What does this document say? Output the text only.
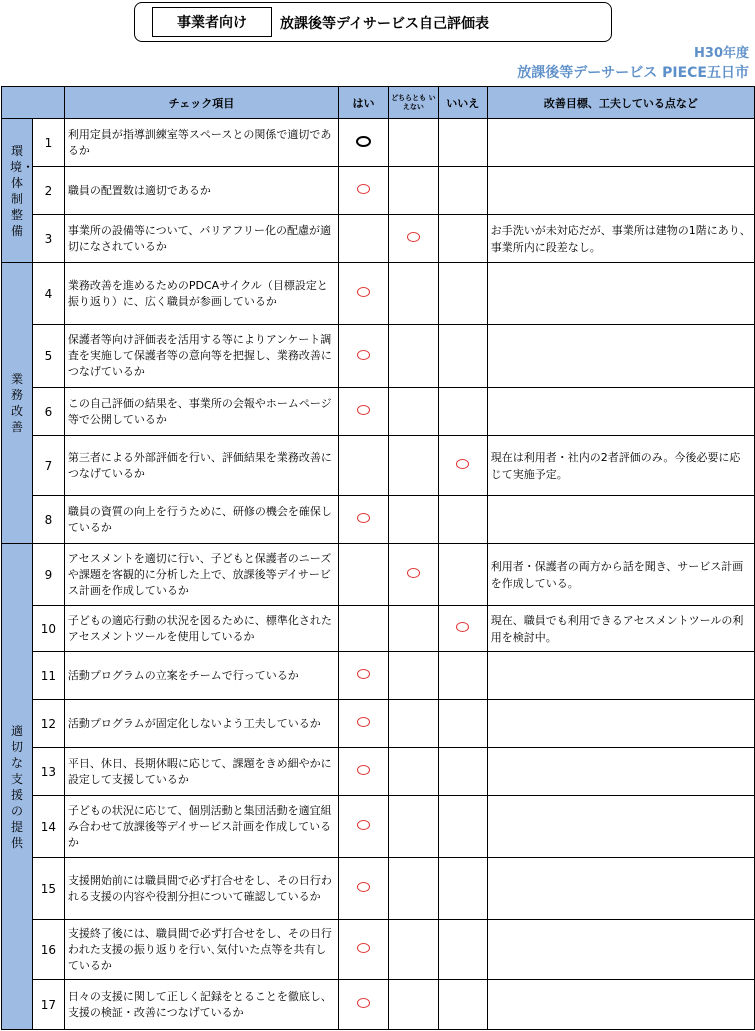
事業者向け	放課後等デイサービス自己評価表
H30年度
放課後等デーサービス PIECE五日市
		チェック項目	はい	どちらとも いえない	いいえ	改善目標、工夫している点など
環境・体制整備	1	利用定員が指導訓練室等スペースとの関係で適切であるか				
	2	職員の配置数は適切であるか				
	3	事業所の設備等について、バリアフリー化の配慮が適切になされているか				お手洗いが未対応だが、事業所は建物の1階にあり、事業所内に段差なし。
業務改善	4	業務改善を進めるためのPDCAサイクル（目標設定と振り返り）に、広く職員が参画しているか				
	5	保護者等向け評価表を活用する等によりアンケート調査を実施して保護者等の意向等を把握し、業務改善につなげているか				
	6	この自己評価の結果を、事業所の会報やホームページ等で公開しているか				
	7	第三者による外部評価を行い、評価結果を業務改善につなげているか				現在は利用者・社内の2者評価のみ。今後必要に応じて実施予定。
	8	職員の資質の向上を行うために、研修の機会を確保しているか				
適切な支援の提供	9	アセスメントを適切に行い、子どもと保護者のニーズや課題を客観的に分析した上で、放課後等デイサービス計画を作成しているか				利用者・保護者の両方から話を聞き、サービス計画を作成している。
	10	子どもの適応行動の状況を図るために、標準化されたアセスメントツールを使用しているか				現在、職員でも利用できるアセスメントツールの利用を検討中。
	11	活動プログラムの立案をチームで行っているか				
	12	活動プログラムが固定化しないよう工夫しているか				
	13	平日、休日、長期休暇に応じて、課題をきめ細やかに設定して支援しているか				
	14	子どもの状況に応じて、個別活動と集団活動を適宜組み合わせて放課後等デイサービス計画を作成しているか				
	15	支援開始前には職員間で必ず打合せをし、その日行われる支援の内容や役割分担について確認しているか				
	16	支援終了後には、職員間で必ず打合せをし、その日行われた支援の振り返りを行い､気付いた点等を共有しているか				
	17	日々の支援に関して正しく記録をとることを徹底し、支援の検証・改善につなげているか				
